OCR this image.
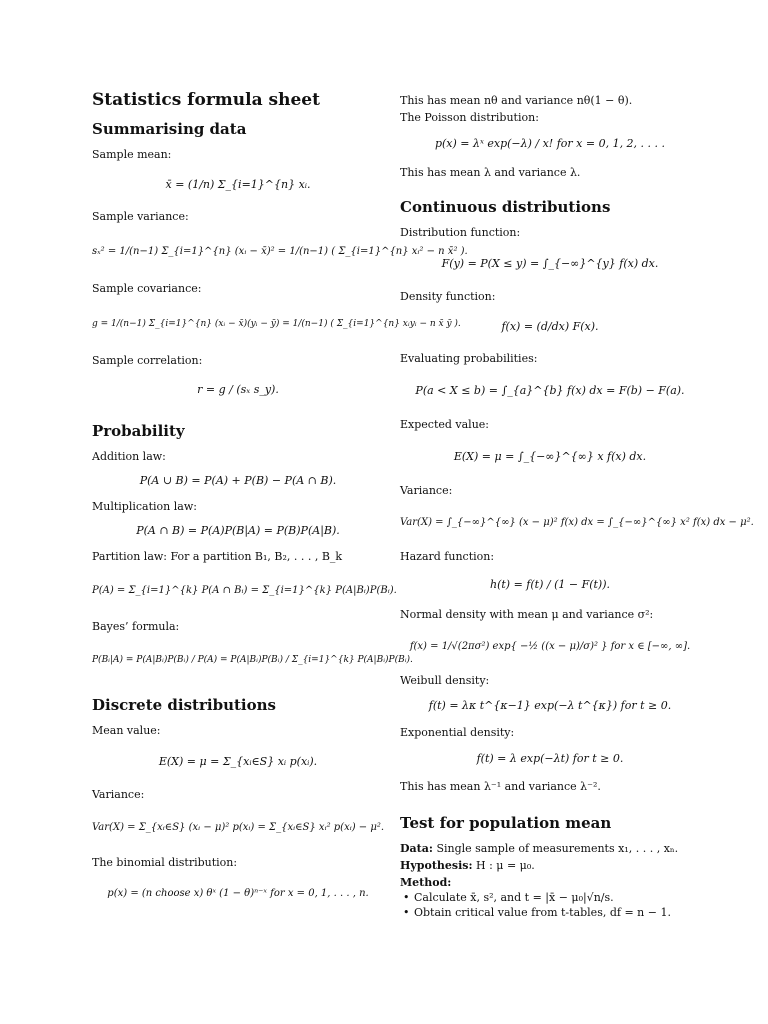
Statistics formula sheet
Summarising data
Sample mean:
x̄ = (1/n) Σ_{i=1}^{n} xᵢ.
Sample variance:
sₓ² = 1/(n−1) Σ_{i=1}^{n} (xᵢ − x̄)² = 1/(n−1) ( Σ_{i=1}^{n} xᵢ² − n x̄² ).
Sample covariance:
g = 1/(n−1) Σ_{i=1}^{n} (xᵢ − x̄)(yᵢ − ȳ) = 1/(n−1) ( Σ_{i=1}^{n} xᵢyᵢ − n x̄ ȳ ).
Sample correlation:
r = g / (sₓ s_y).
Probability
Addition law:
P(A ∪ B) = P(A) + P(B) − P(A ∩ B).
Multiplication law:
P(A ∩ B) = P(A)P(B|A) = P(B)P(A|B).
Partition law: For a partition B₁, B₂, . . . , B_k
P(A) = Σ_{i=1}^{k} P(A ∩ Bᵢ) = Σ_{i=1}^{k} P(A|Bᵢ)P(Bᵢ).
Bayes’ formula:
P(Bᵢ|A) = P(A|Bᵢ)P(Bᵢ) / P(A) = P(A|Bᵢ)P(Bᵢ) / Σ_{i=1}^{k} P(A|Bᵢ)P(Bᵢ).
Discrete distributions
Mean value:
E(X) = μ = Σ_{xᵢ∈S} xᵢ p(xᵢ).
Variance:
Var(X) = Σ_{xᵢ∈S} (xᵢ − μ)² p(xᵢ) = Σ_{xᵢ∈S} xᵢ² p(xᵢ) − μ².
The binomial distribution:
p(x) = (n choose x) θˣ (1 − θ)ⁿ⁻ˣ for x = 0, 1, . . . , n.
This has mean nθ and variance nθ(1 − θ).
The Poisson distribution:
p(x) = λˣ exp(−λ) / x! for x = 0, 1, 2, . . . .
This has mean λ and variance λ.
Continuous distributions
Distribution function:
F(y) = P(X ≤ y) = ∫_{−∞}^{y} f(x) dx.
Density function:
f(x) = (d/dx) F(x).
Evaluating probabilities:
P(a < X ≤ b) = ∫_{a}^{b} f(x) dx = F(b) − F(a).
Expected value:
E(X) = μ = ∫_{−∞}^{∞} x f(x) dx.
Variance:
Var(X) = ∫_{−∞}^{∞} (x − μ)² f(x) dx = ∫_{−∞}^{∞} x² f(x) dx − μ².
Hazard function:
h(t) = f(t) / (1 − F(t)).
Normal density with mean μ and variance σ²:
f(x) = 1/√(2πσ²) exp{ −½ ((x − μ)/σ)² } for x ∈ [−∞, ∞].
Weibull density:
f(t) = λκ t^{κ−1} exp(−λ t^{κ}) for t ≥ 0.
Exponential density:
f(t) = λ exp(−λt) for t ≥ 0.
This has mean λ⁻¹ and variance λ⁻².
Test for population mean
Data: Single sample of measurements x₁, . . . , xₙ.
Hypothesis: H : μ = μ₀.
Method:
• Calculate x̄, s², and t = |x̄ − μ₀|√n/s.
• Obtain critical value from t-tables, df = n − 1.
